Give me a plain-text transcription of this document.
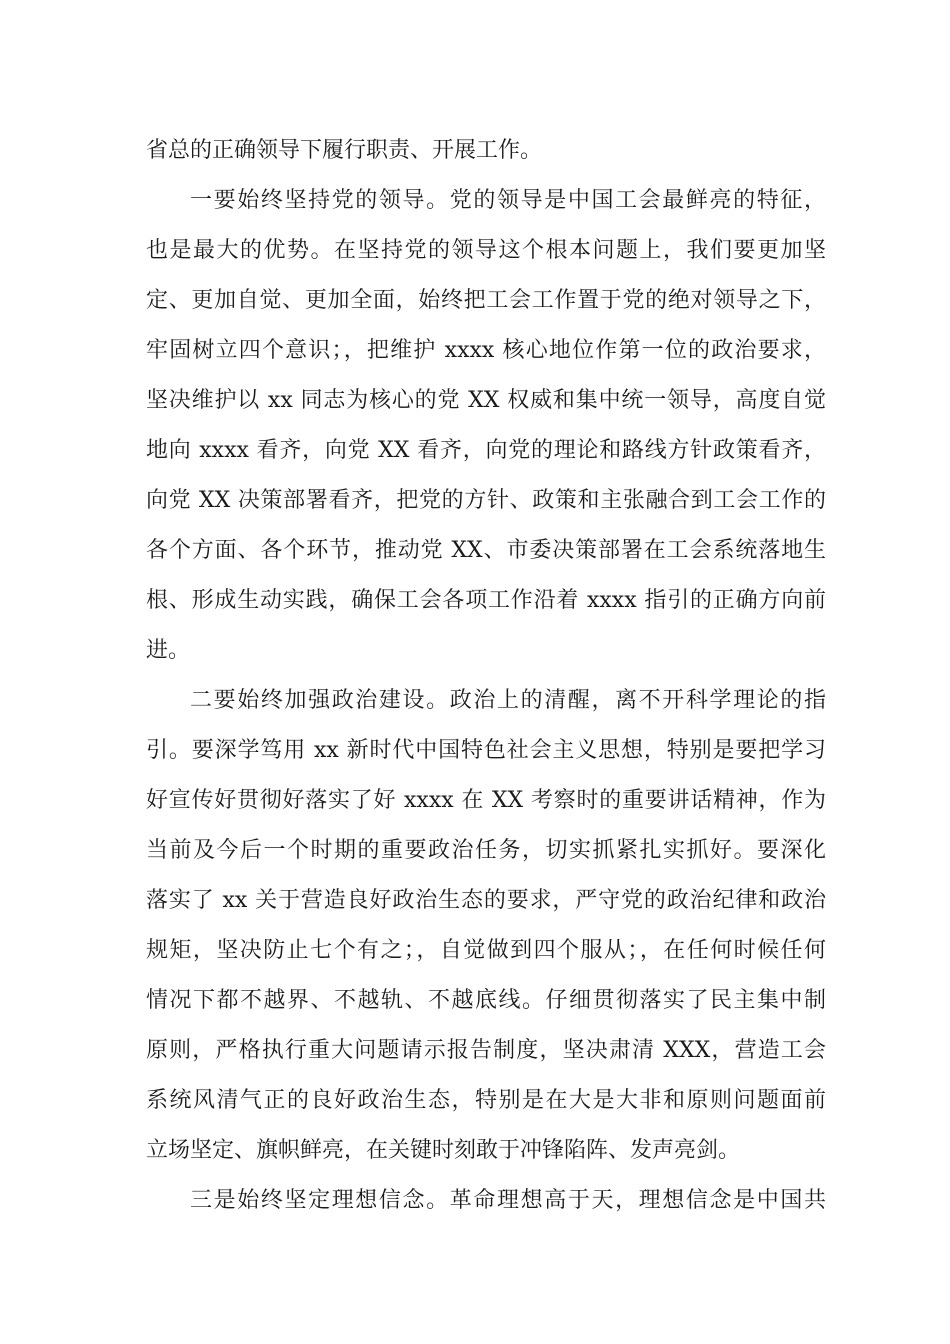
省总的正确领导下履行职责、开展工作。
一要始终坚持党的领导。党的领导是中国工会最鲜亮的特征，
也是最大的优势。在坚持党的领导这个根本问题上，我们要更加坚
定、更加自觉、更加全面，始终把工会工作置于党的绝对领导之下，
牢固树立四个意识；，把维护 xxxx 核心地位作第一位的政治要求，
坚决维护以 xx 同志为核心的党 XX 权威和集中统一领导，高度自觉
地向 xxxx 看齐，向党 XX 看齐，向党的理论和路线方针政策看齐，
向党 XX 决策部署看齐，把党的方针、政策和主张融合到工会工作的
各个方面、各个环节，推动党 XX、市委决策部署在工会系统落地生
根、形成生动实践，确保工会各项工作沿着 xxxx 指引的正确方向前
进。
二要始终加强政治建设。政治上的清醒，离不开科学理论的指
引。要深学笃用 xx 新时代中国特色社会主义思想，特别是要把学习
好宣传好贯彻好落实了好 xxxx 在 XX 考察时的重要讲话精神，作为
当前及今后一个时期的重要政治任务，切实抓紧扎实抓好。要深化
落实了 xx 关于营造良好政治生态的要求，严守党的政治纪律和政治
规矩，坚决防止七个有之；，自觉做到四个服从；，在任何时候任何
情况下都不越界、不越轨、不越底线。仔细贯彻落实了民主集中制
原则，严格执行重大问题请示报告制度，坚决肃清 XXX，营造工会
系统风清气正的良好政治生态，特别是在大是大非和原则问题面前
立场坚定、旗帜鲜亮，在关键时刻敢于冲锋陷阵、发声亮剑。
三是始终坚定理想信念。革命理想高于天，理想信念是中国共
